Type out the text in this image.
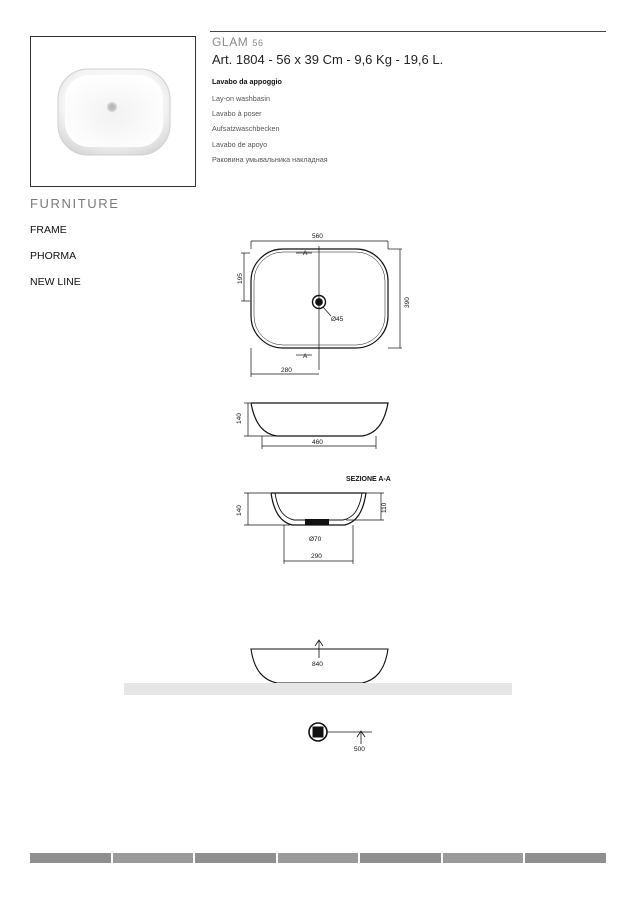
GLAM 56
Art. 1804 - 56 x 39 Cm - 9,6 Kg - 19,6 L.
Lavabo da appoggio
Lay-on washbasin
Lavabo à poser
Aufsatzwaschbecken
Lavabo de apoyo
Раковина умывальника накладная
FURNITURE
FRAME
PHORMA
NEW LINE
560
A
A
390
195
280
Ø45
140
460
140	110
Ø70
290
840
500
SEZIONE A-A
